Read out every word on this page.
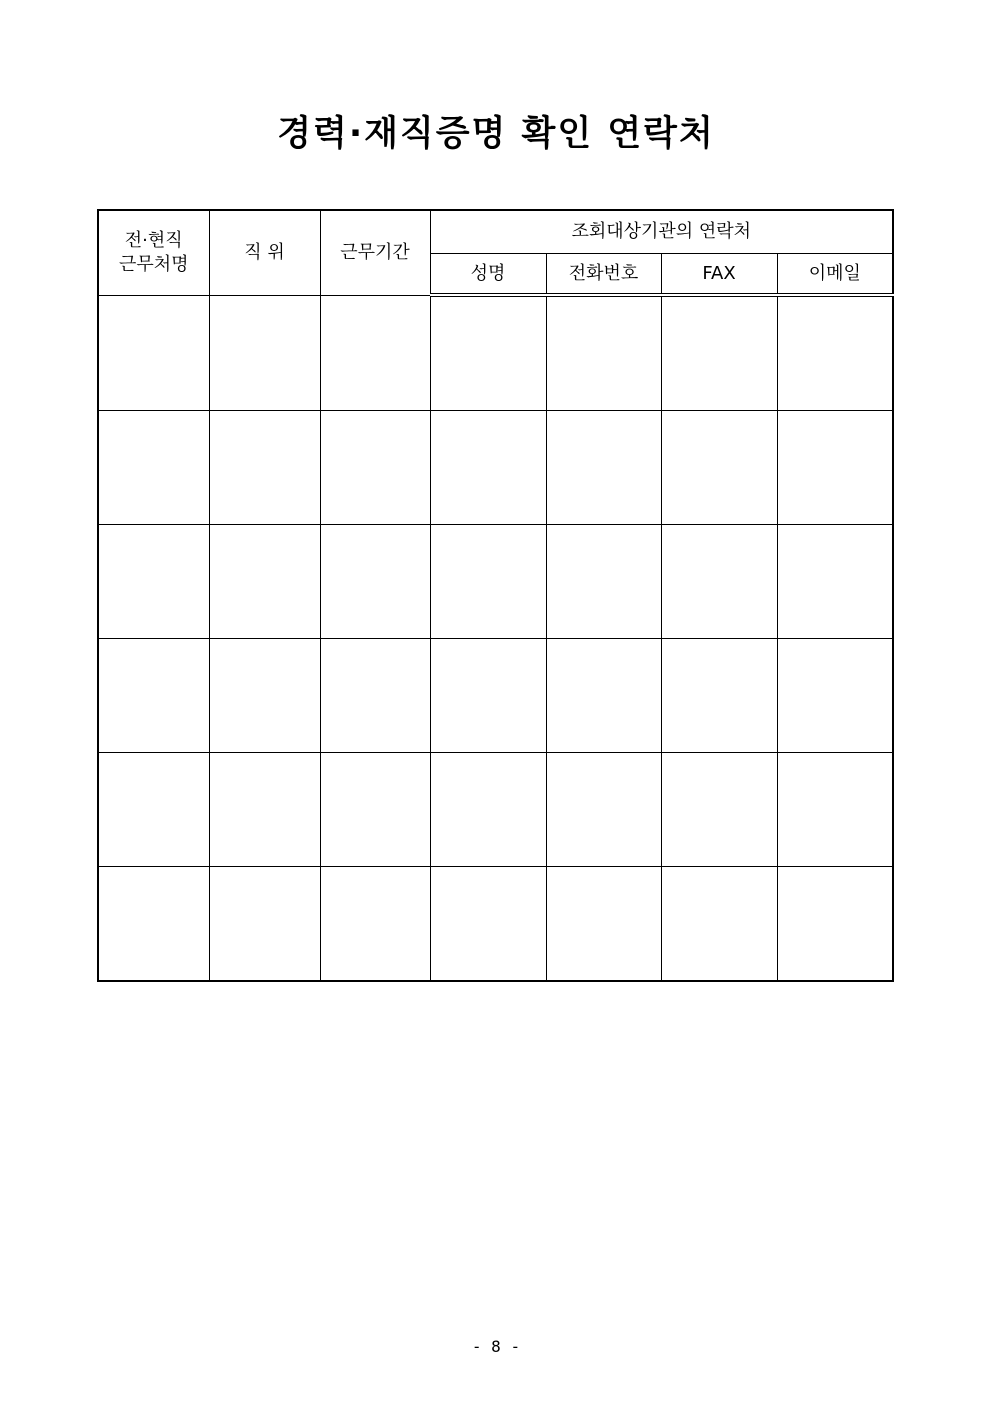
경력·재직증명 확인 연락처
전·현직
근무처명	직 위	근무기간	조회대상기관의 연락처			
			성명	전화번호	FAX	이메일

- 8 -
